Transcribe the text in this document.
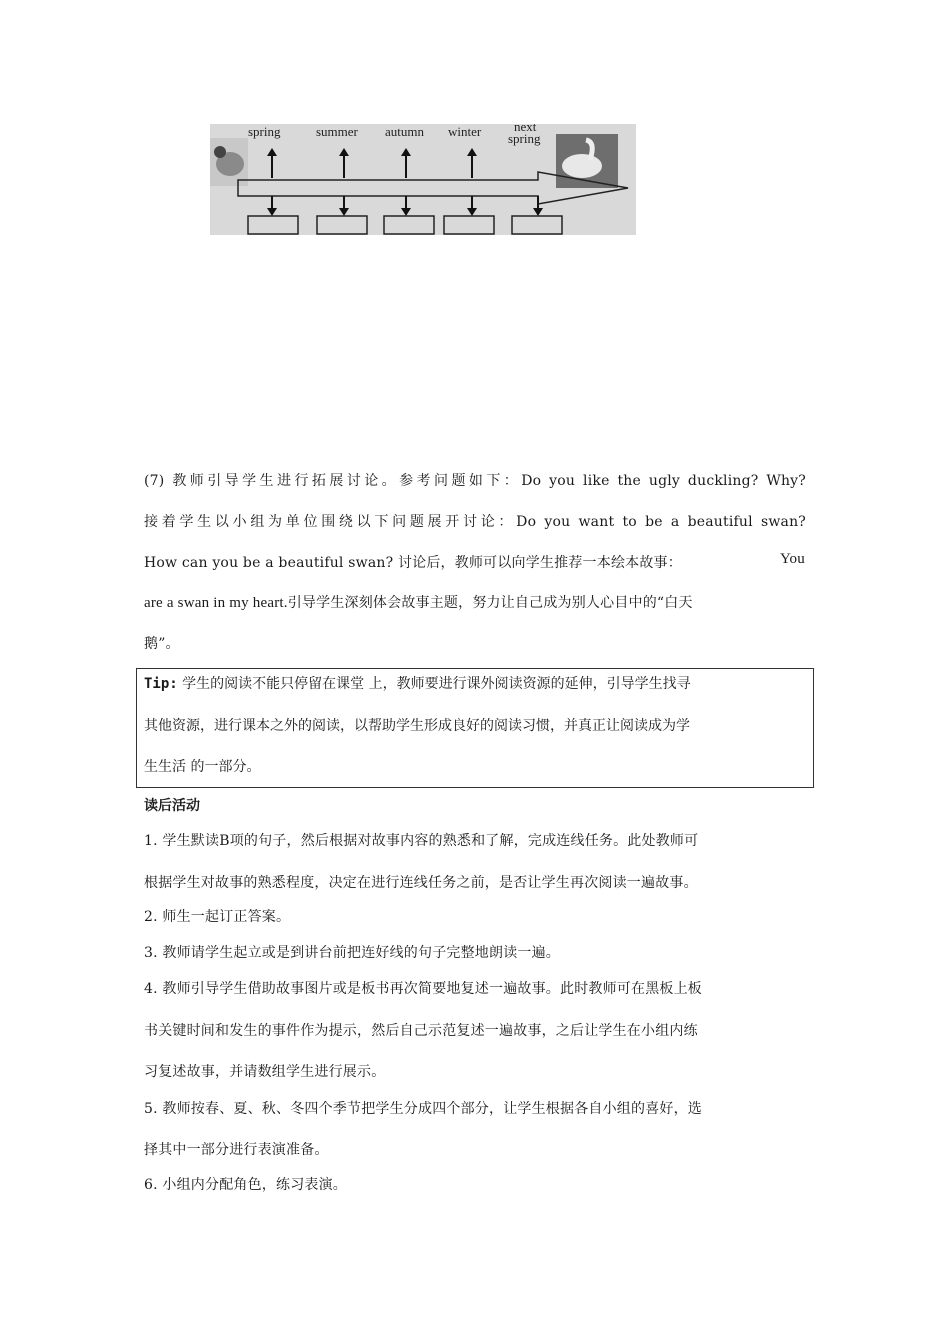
spring	summer autumn winter	next
spring
(7) 教师引导学生进行拓展讨论。参考问题如下：Do you like the ugly duckling? Why?
接着学生以小组为单位围绕以下问题展开讨论：Do you want to be a beautiful swan?
How can you be a beautiful swan? 讨论后，教师可以向学生推荐一本绘本故事：	You
are a swan in my heart.引导学生深刻体会故事主题，努力让自己成为别人心目中的“白天
鹅”。
Tip: 学生的阅读不能只停留在课堂 上，教师要进行课外阅读资源的延伸，引导学生找寻
其他资源，进行课本之外的阅读，以帮助学生形成良好的阅读习惯，并真正让阅读成为学
生生活 的一部分。
读后活动
1. 学生默读B项的句子，然后根据对故事内容的熟悉和了解，完成连线任务。此处教师可
根据学生对故事的熟悉程度，决定在进行连线任务之前，是否让学生再次阅读一遍故事。
2. 师生一起订正答案。
3. 教师请学生起立或是到讲台前把连好线的句子完整地朗读一遍。
4. 教师引导学生借助故事图片或是板书再次简要地复述一遍故事。此时教师可在黑板上板
书关键时间和发生的事件作为提示，然后自己示范复述一遍故事，之后让学生在小组内练
习复述故事，并请数组学生进行展示。
5. 教师按春、夏、秋、冬四个季节把学生分成四个部分，让学生根据各自小组的喜好，选
择其中一部分进行表演准备。
6. 小组内分配角色，练习表演。
